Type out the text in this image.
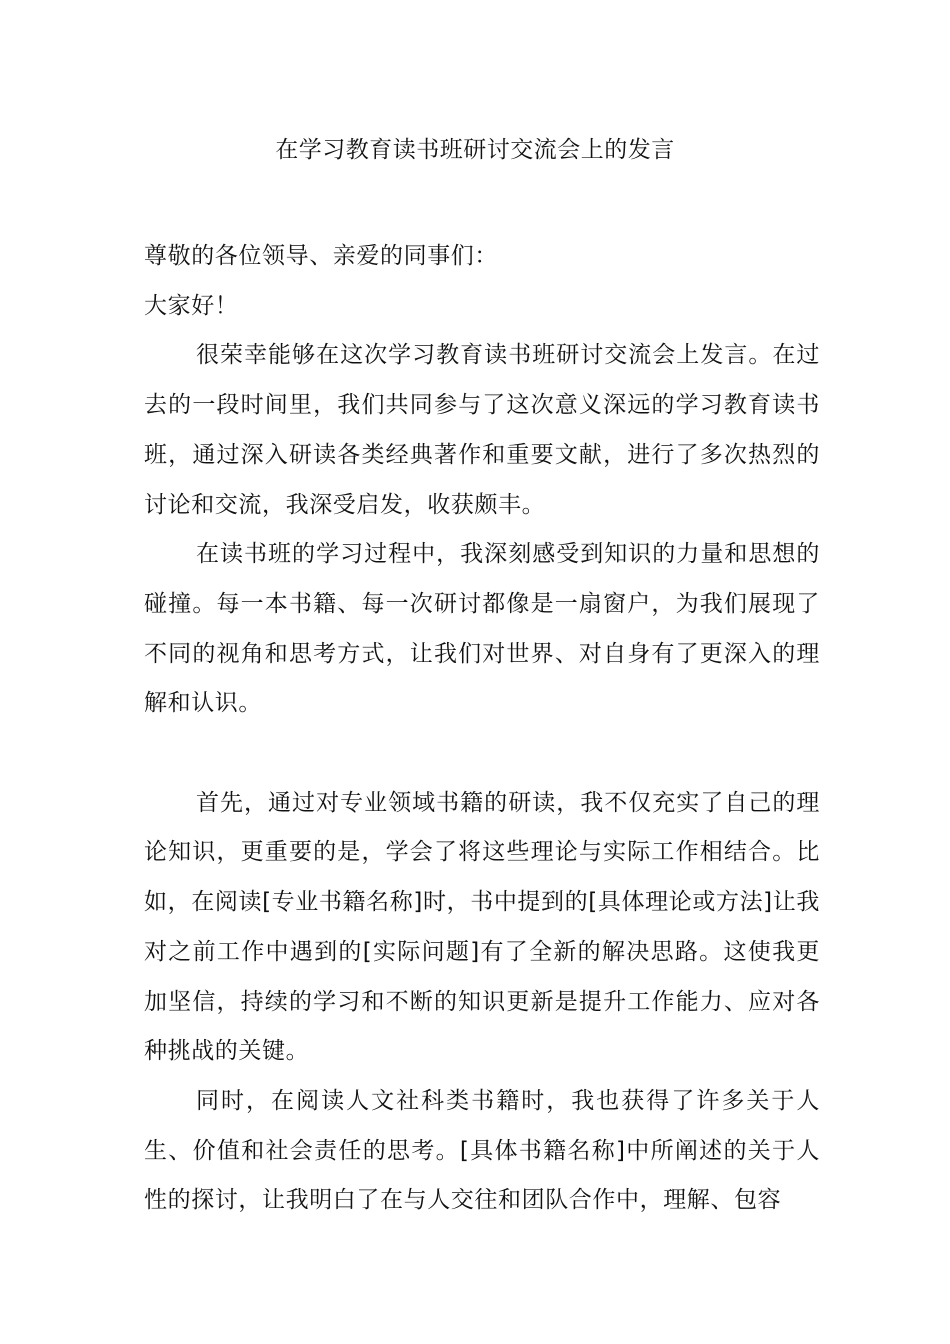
在学习教育读书班研讨交流会上的发言

尊敬的各位领导、亲爱的同事们：

大家好！

很荣幸能够在这次学习教育读书班研讨交流会上发言。在过去的一段时间里，我们共同参与了这次意义深远的学习教育读书班，通过深入研读各类经典著作和重要文献，进行了多次热烈的讨论和交流，我深受启发，收获颇丰。

在读书班的学习过程中，我深刻感受到知识的力量和思想的碰撞。每一本书籍、每一次研讨都像是一扇窗户，为我们展现了不同的视角和思考方式，让我们对世界、对自身有了更深入的理解和认识。

首先，通过对专业领域书籍的研读，我不仅充实了自己的理论知识，更重要的是，学会了将这些理论与实际工作相结合。比如，在阅读[专业书籍名称]时，书中提到的[具体理论或方法]让我对之前工作中遇到的[实际问题]有了全新的解决思路。这使我更加坚信，持续的学习和不断的知识更新是提升工作能力、应对各种挑战的关键。

同时，在阅读人文社科类书籍时，我也获得了许多关于人生、价值和社会责任的思考。[具体书籍名称]中所阐述的关于人性的探讨，让我明白了在与人交往和团队合作中，理解、包容
